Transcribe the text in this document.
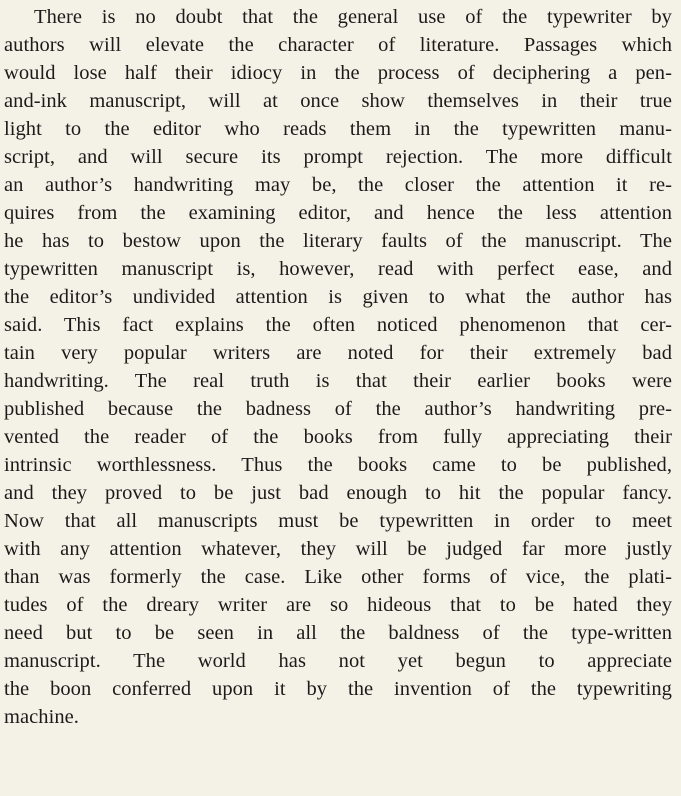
There is no doubt that the general use of the typewriter by
authors will elevate the character of literature. Passages which
would lose half their idiocy in the process of deciphering a pen-
and-ink manuscript, will at once show themselves in their true
light to the editor who reads them in the typewritten manu-
script, and will secure its prompt rejection. The more difficult
an author’s handwriting may be, the closer the attention it re-
quires from the examining editor, and hence the less attention
he has to bestow upon the literary faults of the manuscript. The
typewritten manuscript is, however, read with perfect ease, and
the editor’s undivided attention is given to what the author has
said. This fact explains the often noticed phenomenon that cer-
tain very popular writers are noted for their extremely bad
handwriting. The real truth is that their earlier books were
published because the badness of the author’s handwriting pre-
vented the reader of the books from fully appreciating their
intrinsic worthlessness. Thus the books came to be published,
and they proved to be just bad enough to hit the popular fancy.
Now that all manuscripts must be typewritten in order to meet
with any attention whatever, they will be judged far more justly
than was formerly the case. Like other forms of vice, the plati-
tudes of the dreary writer are so hideous that to be hated they
need but to be seen in all the baldness of the type-written
manuscript. The world has not yet begun to appreciate
the boon conferred upon it by the invention of the typewriting
machine.
